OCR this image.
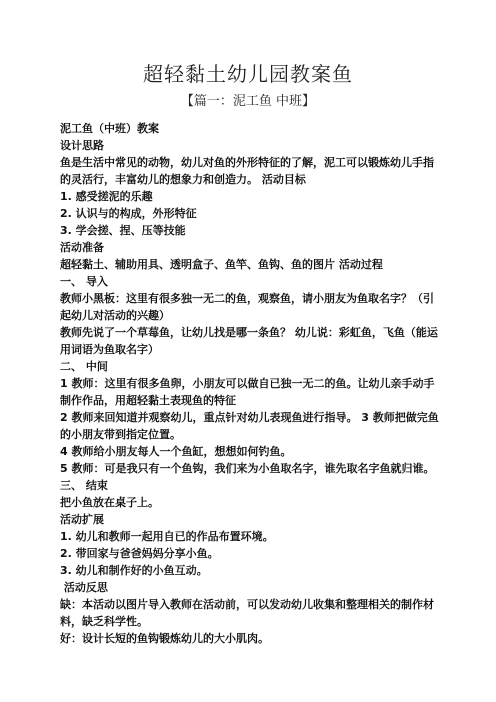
超轻黏土幼儿园教案鱼
【篇一：泥工鱼 中班】
泥工鱼（中班）教案
设计思路
鱼是生活中常见的动物，幼儿对鱼的外形特征的了解，泥工可以锻炼幼儿手指的灵活行，丰富幼儿的想象力和创造力。 活动目标
1. 感受搓泥的乐趣
2. 认识与的构成，外形特征
3. 学会搓、捏、压等技能
活动准备
超轻黏土、辅助用具、透明盒子、鱼竿、鱼钩、鱼的图片 活动过程
一、 导入
教师小黑板：这里有很多独一无二的鱼，观察鱼，请小朋友为鱼取名字？（引起幼儿对活动的兴趣）
教师先说了一个草莓鱼，让幼儿找是哪一条鱼？ 幼儿说：彩虹鱼，飞鱼（能运用词语为鱼取名字）
二、 中间
1 教师：这里有很多鱼卵，小朋友可以做自已独一无二的鱼。让幼儿亲手动手制作作品，用超轻黏土表现鱼的特征
2 教师来回知道并观察幼儿，重点针对幼儿表现鱼进行指导。 3 教师把做完鱼的小朋友带到指定位置。
4 教师给小朋友每人一个鱼缸，想想如何钓鱼。
5 教师：可是我只有一个鱼钩，我们来为小鱼取名字，谁先取名字鱼就归谁。
三、 结束
把小鱼放在桌子上。
活动扩展
1. 幼儿和教师一起用自已的作品布置环境。
2. 带回家与爸爸妈妈分享小鱼。
3. 幼儿和制作好的小鱼互动。
活动反思
缺：本活动以图片导入教师在活动前，可以发动幼儿收集和整理相关的制作材料，缺乏科学性。
好：设计长短的鱼钩锻炼幼儿的大小肌肉。
